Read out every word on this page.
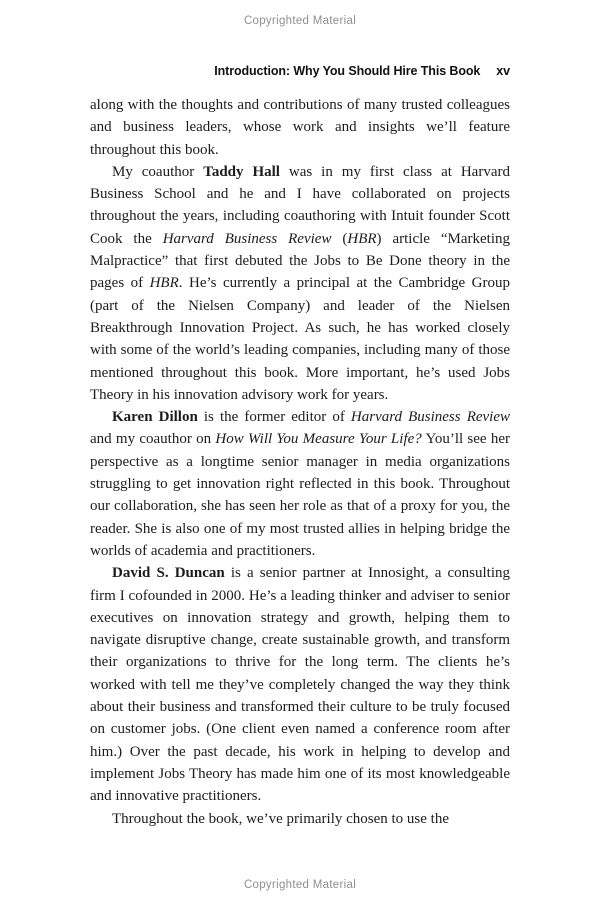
Copyrighted Material
Introduction: Why You Should Hire This Book xv

along with the thoughts and contributions of many trusted colleagues and business leaders, whose work and insights we’ll feature throughout this book.

My coauthor Taddy Hall was in my first class at Harvard Business School and he and I have collaborated on projects throughout the years, including coauthoring with Intuit founder Scott Cook the Harvard Business Review (HBR) article “Marketing Malpractice” that first debuted the Jobs to Be Done theory in the pages of HBR. He’s currently a principal at the Cambridge Group (part of the Nielsen Company) and leader of the Nielsen Breakthrough Innovation Project. As such, he has worked closely with some of the world’s leading companies, including many of those mentioned throughout this book. More important, he’s used Jobs Theory in his innovation advisory work for years.

Karen Dillon is the former editor of Harvard Business Review and my coauthor on How Will You Measure Your Life? You’ll see her perspective as a longtime senior manager in media organizations struggling to get innovation right reflected in this book. Throughout our collaboration, she has seen her role as that of a proxy for you, the reader. She is also one of my most trusted allies in helping bridge the worlds of academia and practitioners.

David S. Duncan is a senior partner at Innosight, a consulting firm I cofounded in 2000. He’s a leading thinker and adviser to senior executives on innovation strategy and growth, helping them to navigate disruptive change, create sustainable growth, and transform their organizations to thrive for the long term. The clients he’s worked with tell me they’ve completely changed the way they think about their business and transformed their culture to be truly focused on customer jobs. (One client even named a conference room after him.) Over the past decade, his work in helping to develop and implement Jobs Theory has made him one of its most knowledgeable and innovative practitioners.

Throughout the book, we’ve primarily chosen to use the

Copyrighted Material
